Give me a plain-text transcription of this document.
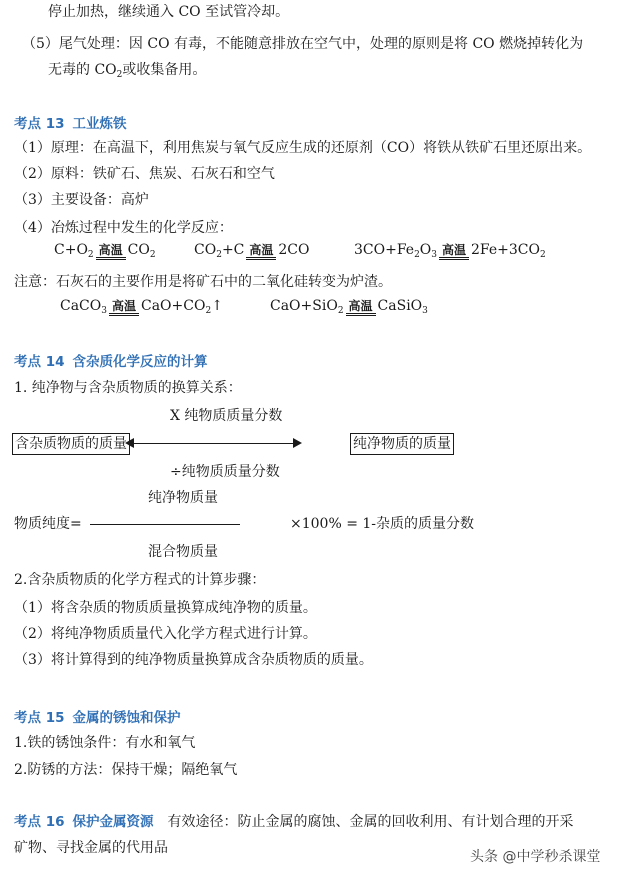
停止加热，继续通入 CO 至试管冷却。
（5）尾气处理：因 CO 有毒，不能随意排放在空气中，处理的原则是将 CO 燃烧掉转化为
无毒的 $CO_2$或收集备用。
考点 13 工业炼铁
（1）原理：在高温下，利用焦炭与氧气反应生成的还原剂（CO）将铁从铁矿石里还原出来。
（2）原料：铁矿石、焦炭、石灰石和空气
（3）主要设备：高炉
（4）冶炼过程中发生的化学反应：
$C+O_2$ 高温 $CO_2$	$CO_2+C$ 高温 2CO	$3CO+Fe_2O_3$ 高温 $2Fe+3CO_2$
注意：石灰石的主要作用是将矿石中的二氧化硅转变为炉渣。
CaCO$_3$ 高温 $CaO+CO_2↑$	CaO+SiO$_2$ 高温 CaSiO$_3$
考点 14 含杂质化学反应的计算
1. 纯净物与含杂质物质的换算关系：
X 纯物质质量分数
含杂质物质的质量	纯净物质的质量
÷纯物质质量分数
纯净物质量
物质纯度=	×100% = 1-杂质的质量分数
混合物质量
2.含杂质物质的化学方程式的计算步骤：
（1）将含杂质的物质质量换算成纯净物的质量。
（2）将纯净物质质量代入化学方程式进行计算。
（3）将计算得到的纯净物质量换算成含杂质物质的质量。
考点 15 金属的锈蚀和保护
1.铁的锈蚀条件：有水和氧气
2.防锈的方法：保持干燥；隔绝氧气
考点 16 保护金属资源 有效途径：防止金属的腐蚀、金属的回收利用、有计划合理的开采
矿物、寻找金属的代用品
头条 @中学秒杀课堂
